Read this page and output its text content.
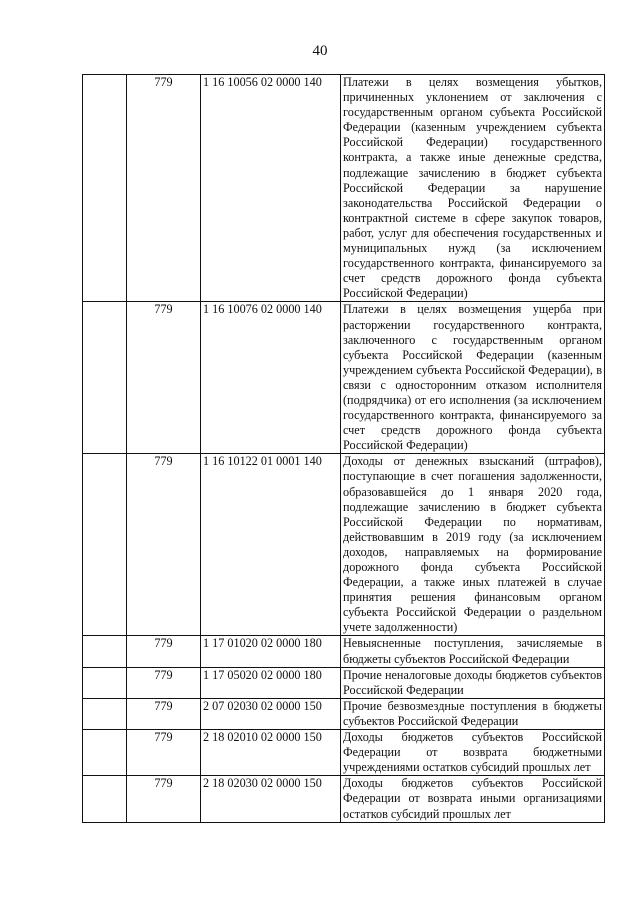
40
	779	1 16 10056 02 0000 140	Платежи в целях возмещения убытков, причиненных уклонением от заключения с государственным органом субъекта Российской Федерации (казенным учреждением субъекта Российской Федерации) государственного контракта, а также иные денежные средства, подлежащие зачислению в бюджет субъекта Российской Федерации за нарушение законодательства Российской Федерации о контрактной системе в сфере закупок товаров, работ, услуг для обеспечения государственных и муниципальных нужд (за исключением государственного контракта, финансируемого за счет средств дорожного фонда субъекта Российской Федерации)
	779	1 16 10076 02 0000 140	Платежи в целях возмещения ущерба при расторжении государственного контракта, заключенного с государственным органом субъекта Российской Федерации (казенным учреждением субъекта Российской Федерации), в связи с односторонним отказом исполнителя (подрядчика) от его исполнения (за исключением государственного контракта, финансируемого за счет средств дорожного фонда субъекта Российской Федерации)
	779	1 16 10122 01 0001 140	Доходы от денежных взысканий (штрафов), поступающие в счет погашения задолженности, образовавшейся до 1 января 2020 года, подлежащие зачислению в бюджет субъекта Российской Федерации по нормативам, действовавшим в 2019 году (за исключением доходов, направляемых на формирование дорожного фонда субъекта Российской Федерации, а также иных платежей в случае принятия решения финансовым органом субъекта Российской Федерации о раздельном учете задолженности)
	779	1 17 01020 02 0000 180	Невыясненные поступления, зачисляемые в бюджеты субъектов Российской Федерации
	779	1 17 05020 02 0000 180	Прочие неналоговые доходы бюджетов субъектов Российской Федерации
	779	2 07 02030 02 0000 150	Прочие безвозмездные поступления в бюджеты субъектов Российской Федерации
	779	2 18 02010 02 0000 150	Доходы бюджетов субъектов Российской Федерации от возврата бюджетными учреждениями остатков субсидий прошлых лет
	779	2 18 02030 02 0000 150	Доходы бюджетов субъектов Российской Федерации от возврата иными организациями остатков субсидий прошлых лет
